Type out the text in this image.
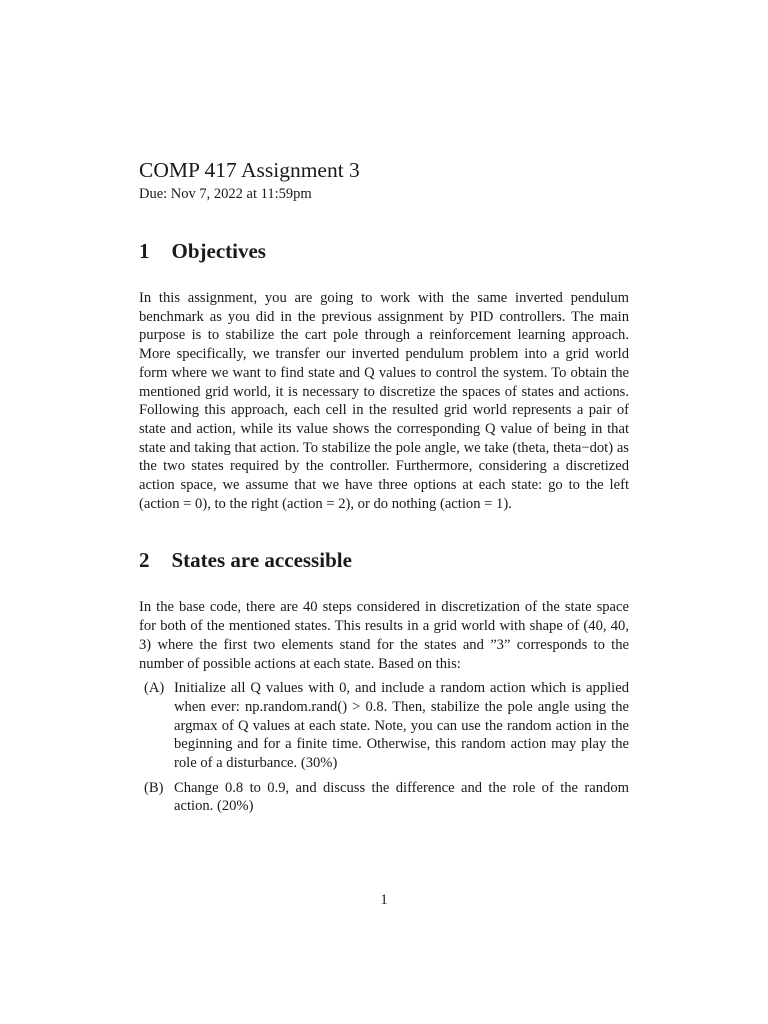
COMP 417 Assignment 3
Due: Nov 7, 2022 at 11:59pm
1 Objectives
In this assignment, you are going to work with the same inverted pendulum benchmark as you did in the previous assignment by PID controllers. The main purpose is to stabilize the cart pole through a reinforcement learning approach. More specifically, we transfer our inverted pendulum problem into a grid world form where we want to find state and Q values to control the system. To obtain the mentioned grid world, it is necessary to discretize the spaces of states and actions. Following this approach, each cell in the resulted grid world represents a pair of state and action, while its value shows the corresponding Q value of being in that state and taking that action. To stabilize the pole angle, we take (theta, theta−dot) as the two states required by the controller. Furthermore, considering a discretized action space, we assume that we have three options at each state: go to the left (action = 0), to the right (action = 2), or do nothing (action = 1).
2 States are accessible
In the base code, there are 40 steps considered in discretization of the state space for both of the mentioned states. This results in a grid world with shape of (40, 40, 3) where the first two elements stand for the states and ”3” corresponds to the number of possible actions at each state. Based on this:
(A) Initialize all Q values with 0, and include a random action which is applied when ever: np.random.rand() > 0.8. Then, stabilize the pole angle using the argmax of Q values at each state. Note, you can use the random action in the beginning and for a finite time. Otherwise, this random action may play the role of a disturbance. (30%)
(B) Change 0.8 to 0.9, and discuss the difference and the role of the random action. (20%)
1
